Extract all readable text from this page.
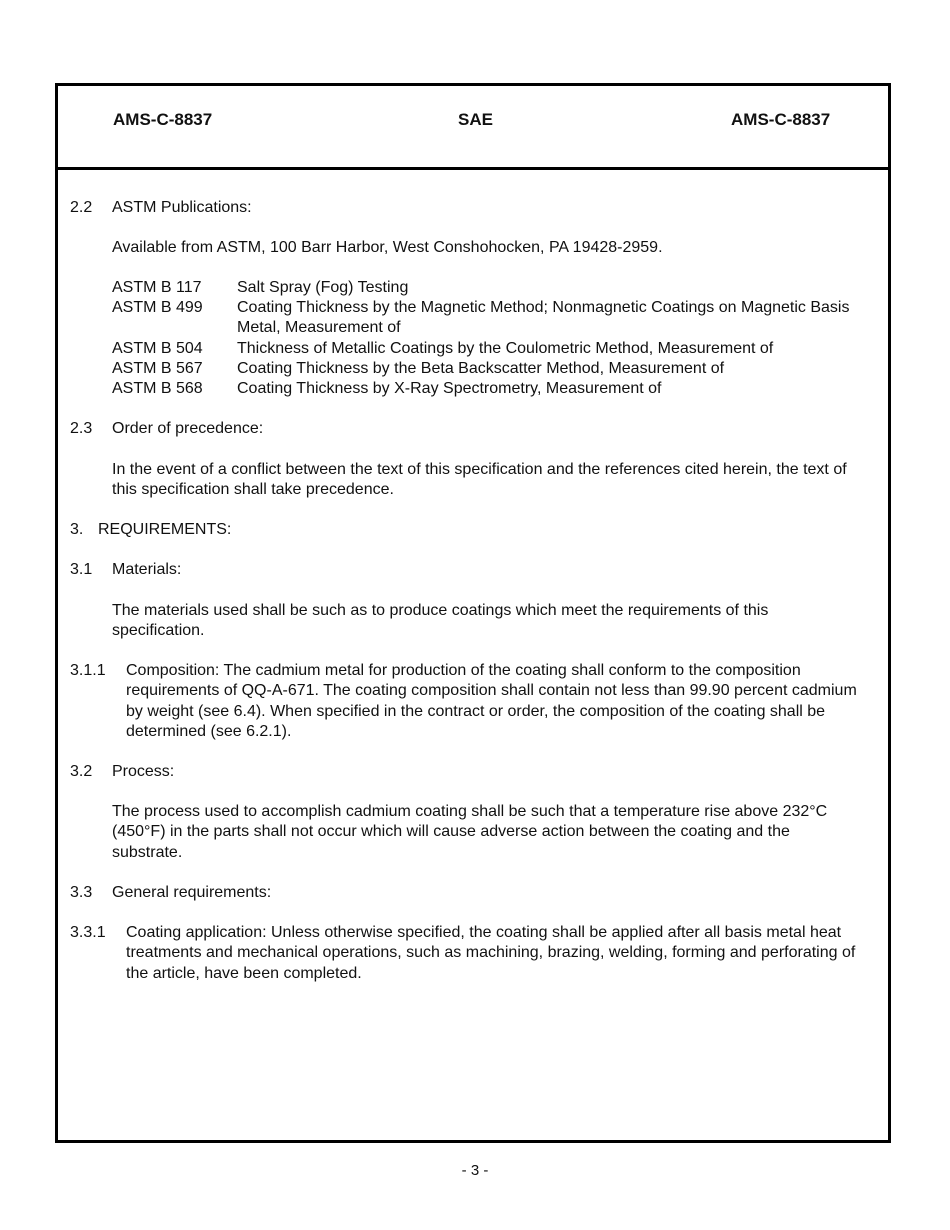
AMS-C-8837	SAE	AMS-C-8837
2.2 ASTM Publications:
Available from ASTM, 100 Barr Harbor, West Conshohocken, PA 19428-2959.
ASTM B 117	Salt Spray (Fog) Testing
ASTM B 499	Coating Thickness by the Magnetic Method; Nonmagnetic Coatings on Magnetic Basis Metal, Measurement of
ASTM B 504	Thickness of Metallic Coatings by the Coulometric Method, Measurement of
ASTM B 567	Coating Thickness by the Beta Backscatter Method, Measurement of
ASTM B 568	Coating Thickness by X-Ray Spectrometry, Measurement of
2.3 Order of precedence:
In the event of a conflict between the text of this specification and the references cited herein, the text of this specification shall take precedence.
3. REQUIREMENTS:
3.1 Materials:
The materials used shall be such as to produce coatings which meet the requirements of this specification.
3.1.1 Composition: The cadmium metal for production of the coating shall conform to the composition requirements of QQ-A-671. The coating composition shall contain not less than 99.90 percent cadmium by weight (see 6.4). When specified in the contract or order, the composition of the coating shall be determined (see 6.2.1).
3.2 Process:
The process used to accomplish cadmium coating shall be such that a temperature rise above 232°C (450°F) in the parts shall not occur which will cause adverse action between the coating and the substrate.
3.3 General requirements:
3.3.1 Coating application: Unless otherwise specified, the coating shall be applied after all basis metal heat treatments and mechanical operations, such as machining, brazing, welding, forming and perforating of the article, have been completed.
- 3 -
